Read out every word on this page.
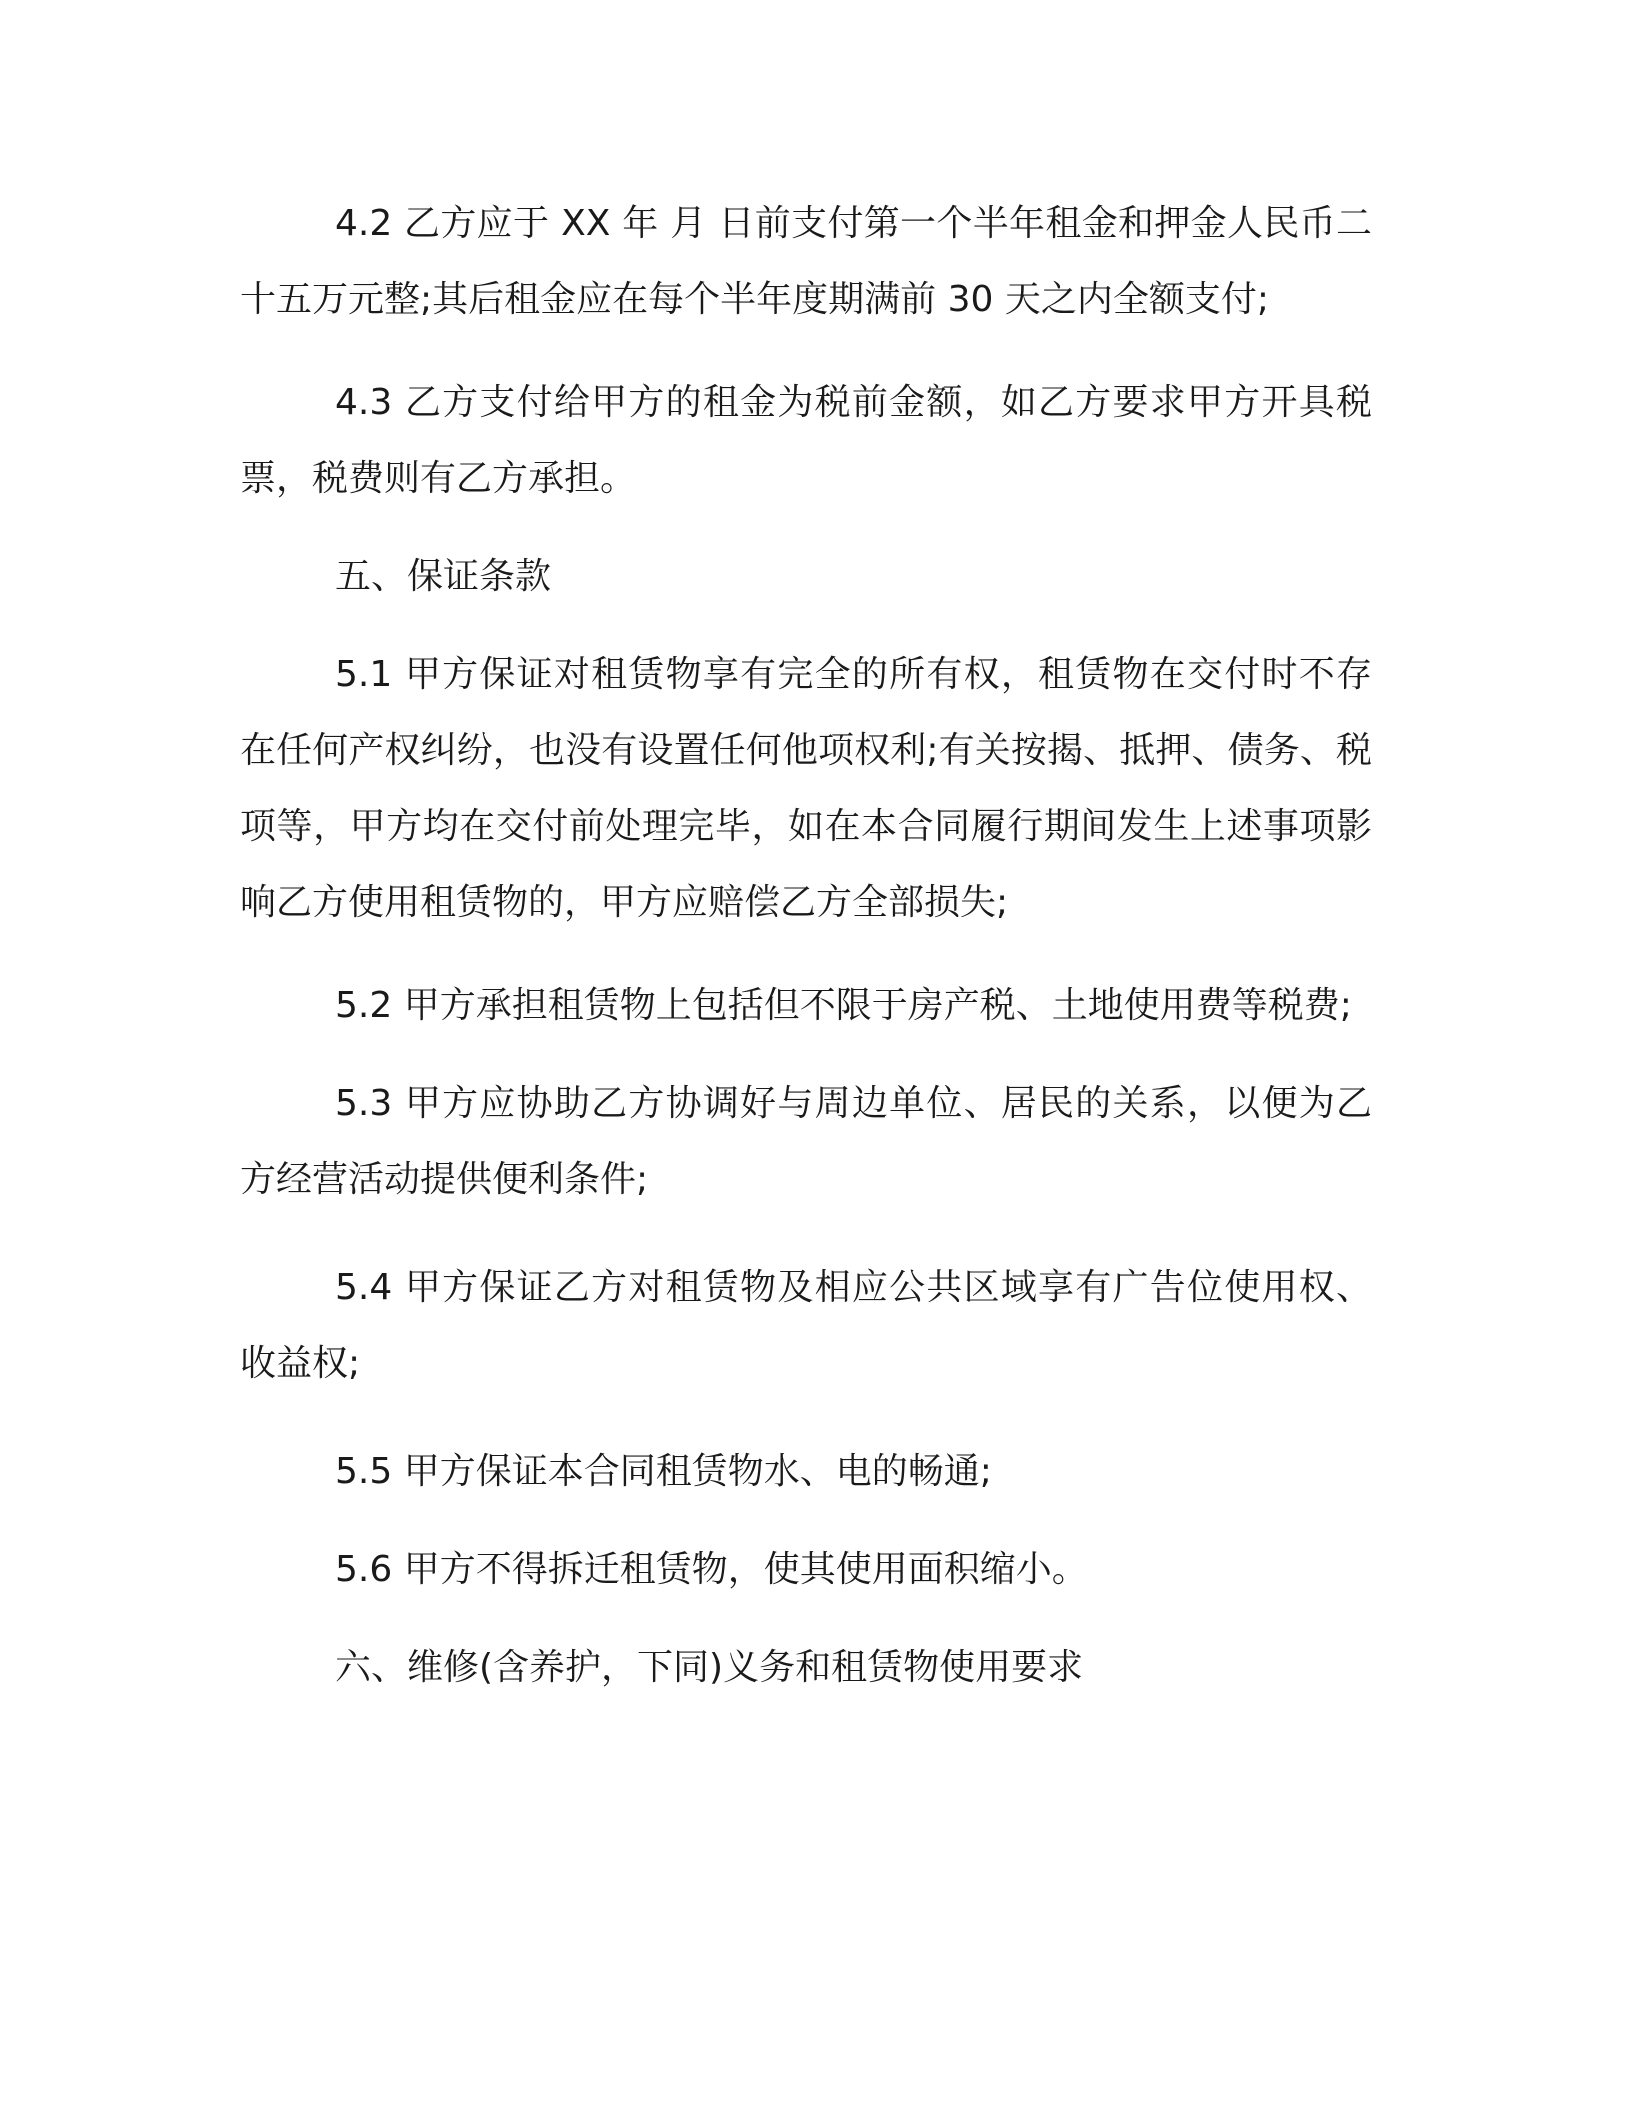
4.2 乙方应于 XX 年 月 日前支付第一个半年租金和押金人民币二十五万元整;其后租金应在每个半年度期满前 30 天之内全额支付;

4.3 乙方支付给甲方的租金为税前金额，如乙方要求甲方开具税票，税费则有乙方承担。

五、保证条款

5.1 甲方保证对租赁物享有完全的所有权，租赁物在交付时不存在任何产权纠纷，也没有设置任何他项权利;有关按揭、抵押、债务、税项等，甲方均在交付前处理完毕，如在本合同履行期间发生上述事项影响乙方使用租赁物的，甲方应赔偿乙方全部损失;

5.2 甲方承担租赁物上包括但不限于房产税、土地使用费等税费;

5.3 甲方应协助乙方协调好与周边单位、居民的关系，以便为乙方经营活动提供便利条件;

5.4 甲方保证乙方对租赁物及相应公共区域享有广告位使用权、收益权;

5.5 甲方保证本合同租赁物水、电的畅通;

5.6 甲方不得拆迁租赁物，使其使用面积缩小。

六、维修(含养护，下同)义务和租赁物使用要求
